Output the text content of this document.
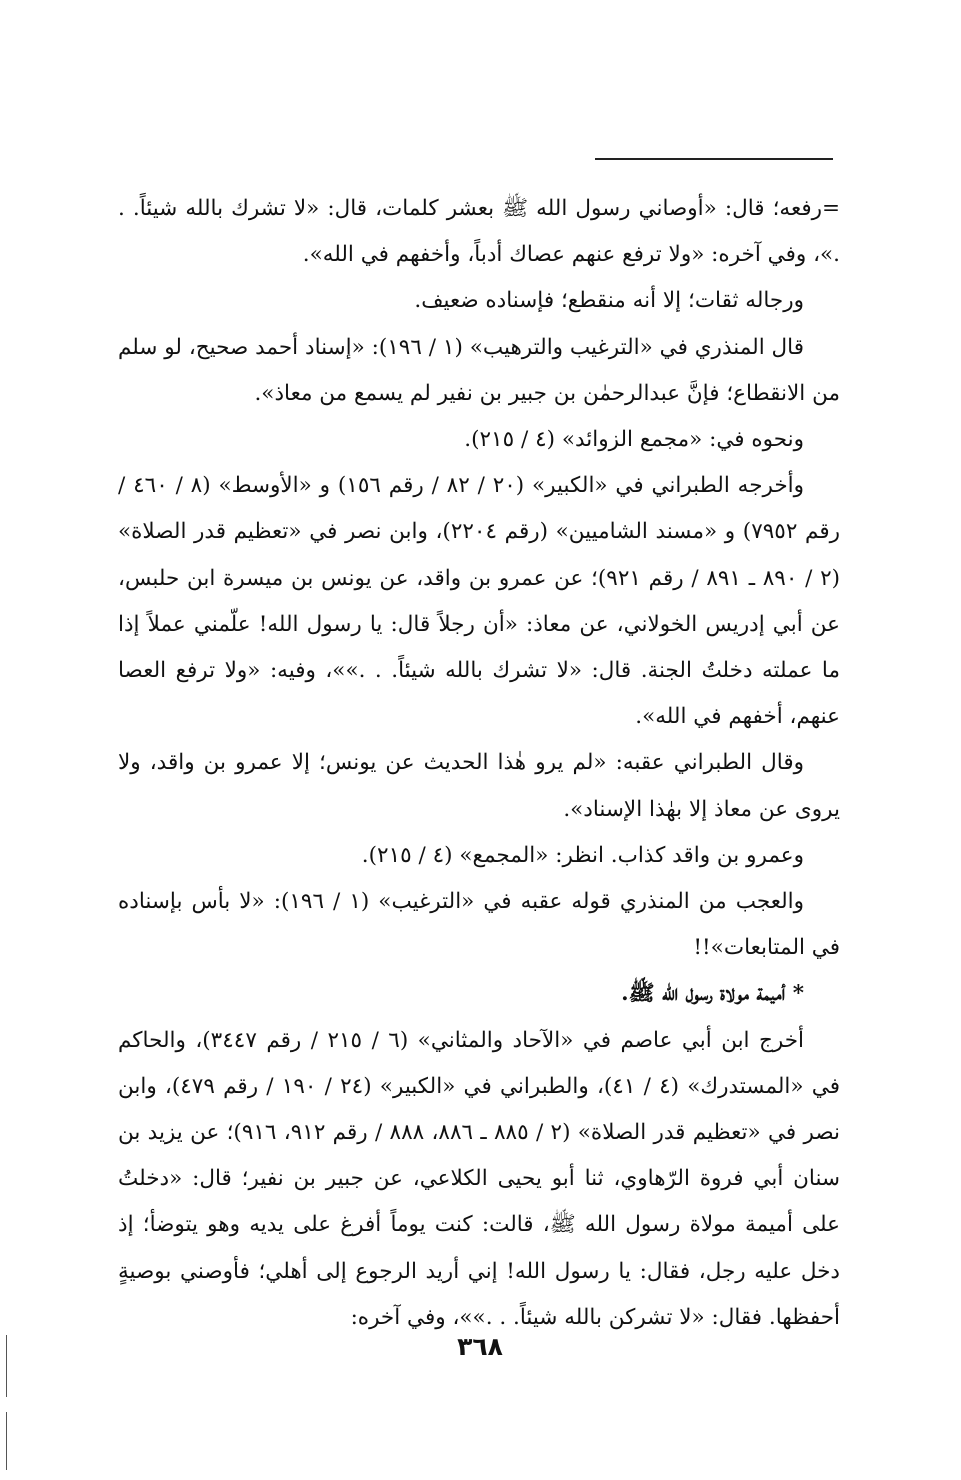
=رفعه؛ قال: «أوصاني رسول الله ﷺ بعشر كلمات، قال: «لا تشرك بالله شيئاً. . .»، وفي آخره: «ولا ترفع عنهم عصاك أدباً، وأخفهم في الله».

ورجاله ثقات؛ إلا أنه منقطع؛ فإسناده ضعيف.

قال المنذري في «الترغيب والترهيب» (١ / ١٩٦): «إسناد أحمد صحيح، لو سلم من الانقطاع؛ فإنَّ عبدالرحمٰن بن جبير بن نفير لم يسمع من معاذ».

ونحوه في: «مجمع الزوائد» (٤ / ٢١٥).

وأخرجه الطبراني في «الكبير» (٢٠ / ٨٢ / رقم ١٥٦) و «الأوسط» (٨ / ٤٦٠ / رقم ٧٩٥٢) و «مسند الشاميين» (رقم ٢٢٠٤)، وابن نصر في «تعظيم قدر الصلاة» (٢ / ٨٩٠ ـ ٨٩١ / رقم ٩٢١)؛ عن عمرو بن واقد، عن يونس بن ميسرة ابن حلبس، عن أبي إدريس الخولاني، عن معاذ: «أن رجلاً قال: يا رسول الله! علّمني عملاً إذا ما عملته دخلتُ الجنة. قال: «لا تشرك بالله شيئاً. . .»»، وفيه: «ولا ترفع العصا عنهم، أخفهم في الله».

وقال الطبراني عقبه: «لم يرو هٰذا الحديث عن يونس؛ إلا عمرو بن واقد، ولا يروى عن معاذ إلا بهٰذا الإسناد».

وعمرو بن واقد كذاب. انظر: «المجمع» (٤ / ٢١٥).

والعجب من المنذري قوله عقبه في «الترغيب» (١ / ١٩٦): «لا بأس بإسناده في المتابعات»!!

* أميمة مولاة رسول الله ﷺ.

أخرج ابن أبي عاصم في «الآحاد والمثاني» (٦ / ٢١٥ / رقم ٣٤٤٧)، والحاكم في «المستدرك» (٤ / ٤١)، والطبراني في «الكبير» (٢٤ / ١٩٠ / رقم ٤٧٩)، وابن نصر في «تعظيم قدر الصلاة» (٢ / ٨٨٥ ـ ٨٨٦، ٨٨٨ / رقم ٩١٢، ٩١٦)؛ عن يزيد بن سنان أبي فروة الرّهاوي، ثنا أبو يحيى الكلاعي، عن جبير بن نفير؛ قال: «دخلتُ على أميمة مولاة رسول الله ﷺ، قالت: كنت يوماً أفرغ على يديه وهو يتوضأ؛ إذ دخل عليه رجل، فقال: يا رسول الله! إني أريد الرجوع إلى أهلي؛ فأوصني بوصيةٍ أحفظها. فقال: «لا تشركن بالله شيئاً. . .»»، وفي آخره:

٣٦٨
